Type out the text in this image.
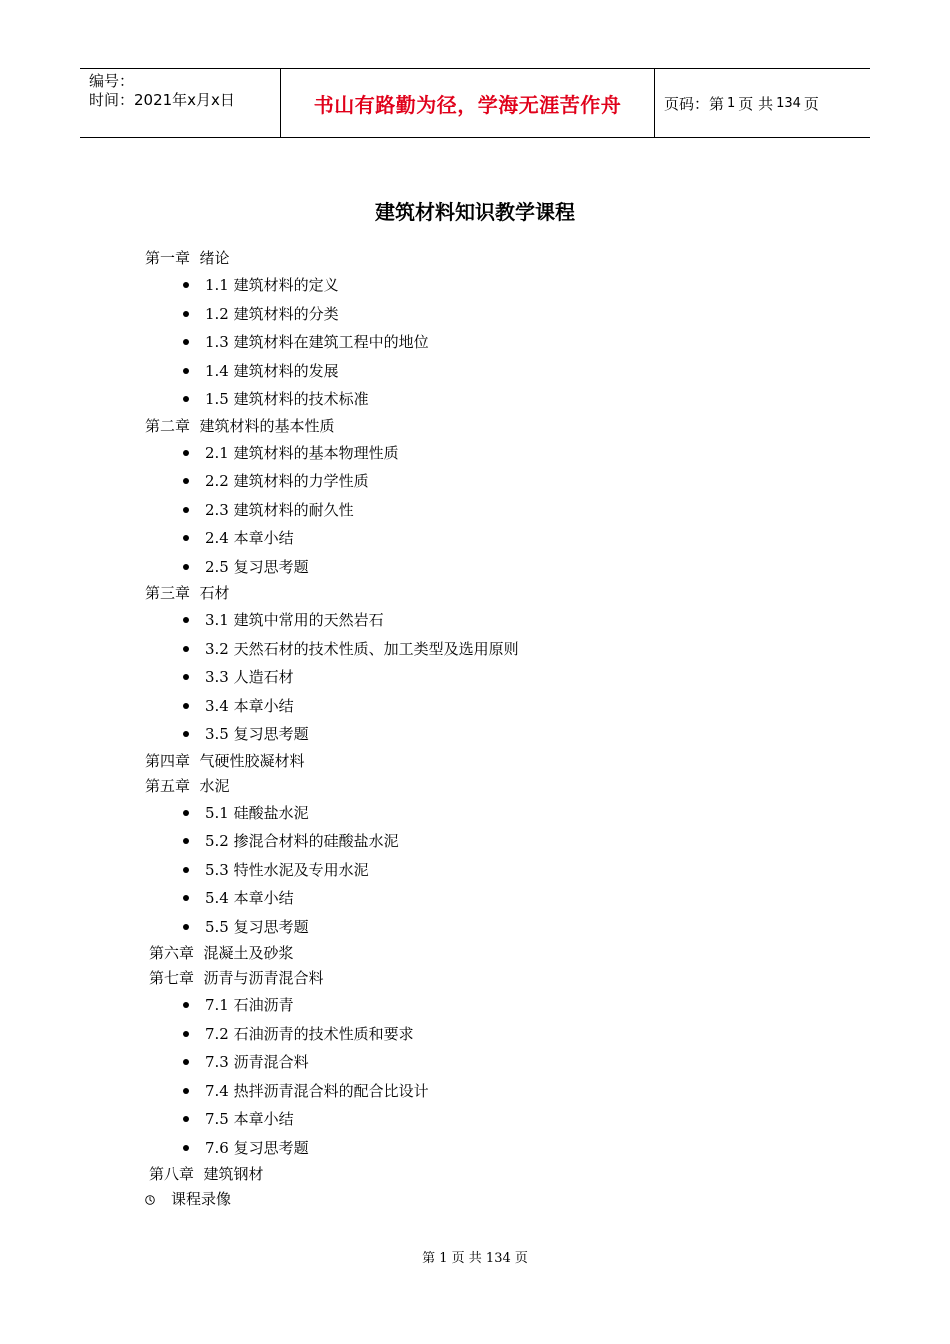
编号：
时间：2021年x月x日	书山有路勤为径，学海无涯苦作舟	页码：第 1 页 共 134 页
建筑材料知识教学课程
第一章  绪论
1.1 建筑材料的定义
1.2 建筑材料的分类
1.3 建筑材料在建筑工程中的地位
1.4 建筑材料的发展
1.5 建筑材料的技术标准
第二章  建筑材料的基本性质
2.1 建筑材料的基本物理性质
2.2 建筑材料的力学性质
2.3 建筑材料的耐久性
2.4 本章小结
2.5 复习思考题
第三章  石材
3.1 建筑中常用的天然岩石
3.2 天然石材的技术性质、加工类型及选用原则
3.3 人造石材
3.4 本章小结
3.5 复习思考题
第四章  气硬性胶凝材料
第五章  水泥
5.1 硅酸盐水泥
5.2 掺混合材料的硅酸盐水泥
5.3 特性水泥及专用水泥
5.4 本章小结
5.5 复习思考题
第六章  混凝土及砂浆
第七章  沥青与沥青混合料
7.1 石油沥青
7.2 石油沥青的技术性质和要求
7.3 沥青混合料
7.4 热拌沥青混合料的配合比设计
7.5 本章小结
7.6 复习思考题
第八章  建筑钢材
课程录像
第 1 页 共 134 页
